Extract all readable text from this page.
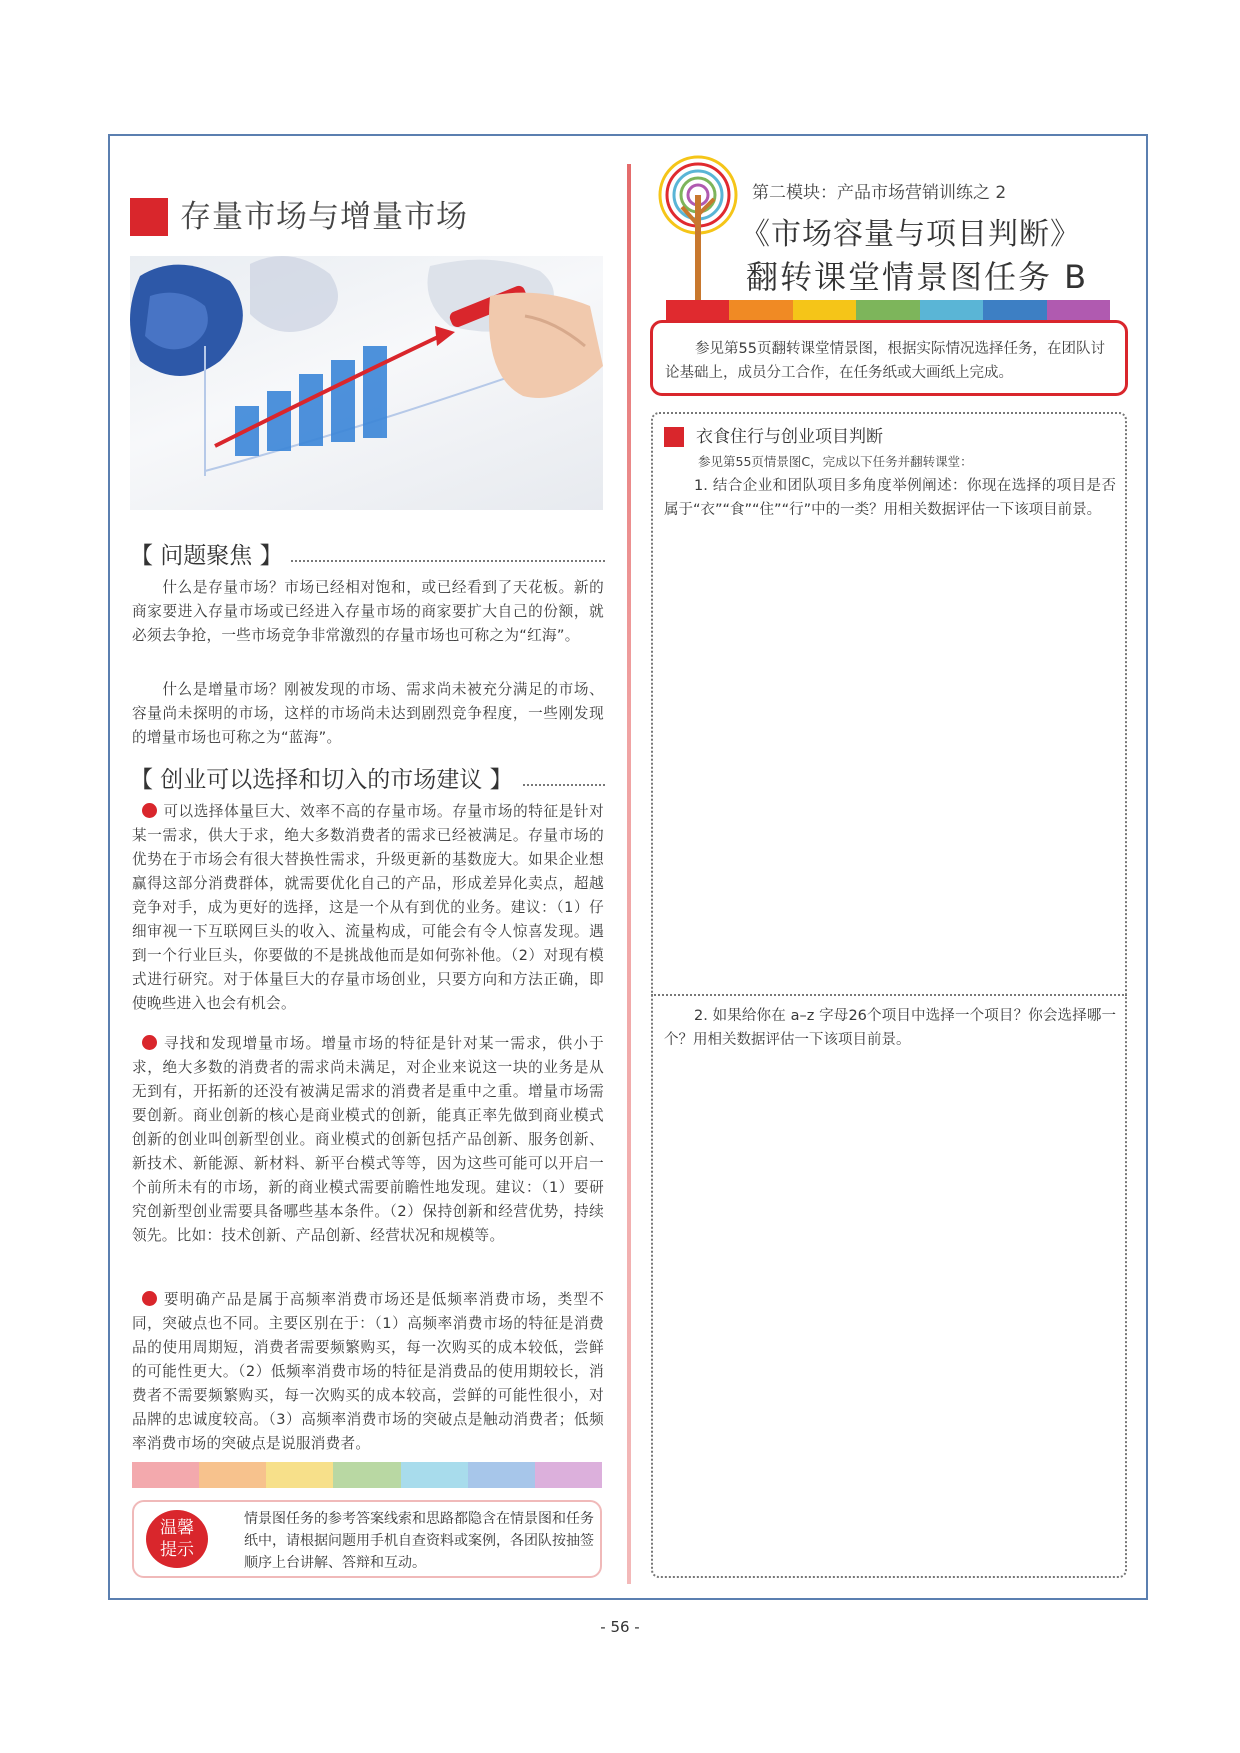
存量市场与增量市场
【 问题聚焦 】
什么是存量市场？市场已经相对饱和，或已经看到了天花板。新的商家要进入存量市场或已经进入存量市场的商家要扩大自己的份额，就必须去争抢，一些市场竞争非常激烈的存量市场也可称之为“红海”。
什么是增量市场？刚被发现的市场、需求尚未被充分满足的市场、容量尚未探明的市场，这样的市场尚未达到剧烈竞争程度，一些刚发现的增量市场也可称之为“蓝海”。
【 创业可以选择和切入的市场建议 】
可以选择体量巨大、效率不高的存量市场。存量市场的特征是针对某一需求，供大于求，绝大多数消费者的需求已经被满足。存量市场的优势在于市场会有很大替换性需求，升级更新的基数庞大。如果企业想赢得这部分消费群体，就需要优化自己的产品，形成差异化卖点，超越竞争对手，成为更好的选择，这是一个从有到优的业务。建议：（1）仔细审视一下互联网巨头的收入、流量构成，可能会有令人惊喜发现。遇到一个行业巨头，你要做的不是挑战他而是如何弥补他。（2）对现有模式进行研究。对于体量巨大的存量市场创业，只要方向和方法正确，即使晚些进入也会有机会。
寻找和发现增量市场。增量市场的特征是针对某一需求，供小于求，绝大多数的消费者的需求尚未满足，对企业来说这一块的业务是从无到有，开拓新的还没有被满足需求的消费者是重中之重。增量市场需要创新。商业创新的核心是商业模式的创新，能真正率先做到商业模式创新的创业叫创新型创业。商业模式的创新包括产品创新、服务创新、新技术、新能源、新材料、新平台模式等等，因为这些可能可以开启一个前所未有的市场，新的商业模式需要前瞻性地发现。建议：（1）要研究创新型创业需要具备哪些基本条件。（2）保持创新和经营优势，持续领先。比如：技术创新、产品创新、经营状况和规模等。
要明确产品是属于高频率消费市场还是低频率消费市场，类型不同，突破点也不同。主要区别在于：（1）高频率消费市场的特征是消费品的使用周期短，消费者需要频繁购买，每一次购买的成本较低，尝鲜的可能性更大。（2）低频率消费市场的特征是消费品的使用期较长，消费者不需要频繁购买，每一次购买的成本较高，尝鲜的可能性很小，对品牌的忠诚度较高。（3）高频率消费市场的突破点是触动消费者；低频率消费市场的突破点是说服消费者。
温馨提示
情景图任务的参考答案线索和思路都隐含在情景图和任务纸中，请根据问题用手机自查资料或案例，各团队按抽签顺序上台讲解、答辩和互动。
第二模块：产品市场营销训练之 2
《市场容量与项目判断》
翻转课堂情景图任务 B
参见第55页翻转课堂情景图，根据实际情况选择任务，在团队讨论基础上，成员分工合作，在任务纸或大画纸上完成。
衣食住行与创业项目判断
参见第55页情景图C，完成以下任务并翻转课堂：
1. 结合企业和团队项目多角度举例阐述：你现在选择的项目是否属于“衣”“食”“住”“行”中的一类？用相关数据评估一下该项目前景。
2. 如果给你在 a–z 字母26个项目中选择一个项目？你会选择哪一个？用相关数据评估一下该项目前景。
- 56 -
